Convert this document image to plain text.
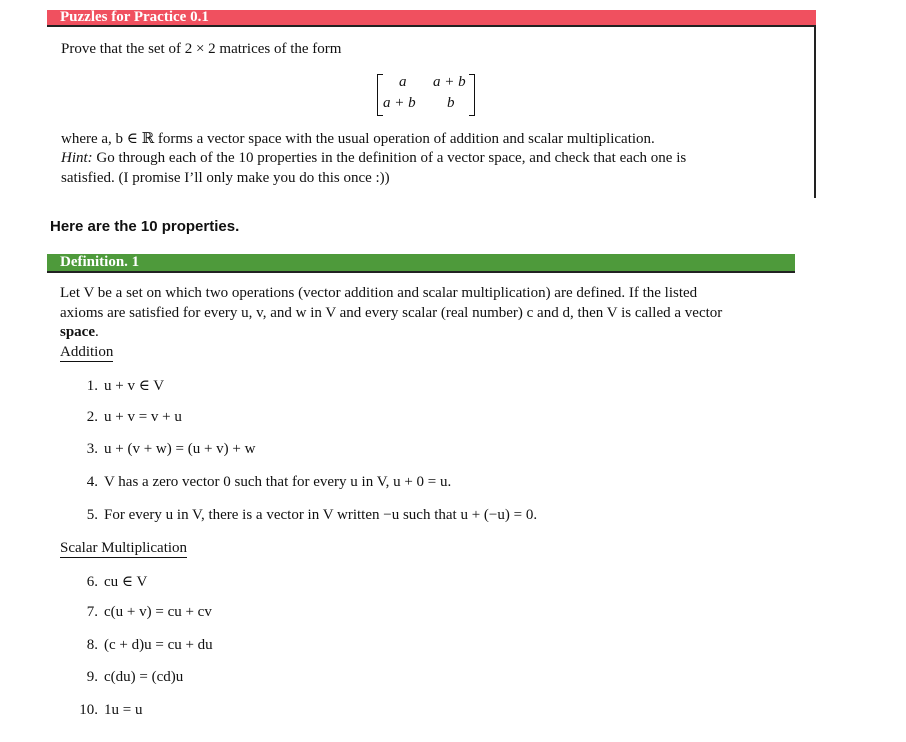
Puzzles for Practice 0.1
Prove that the set of 2 × 2 matrices of the form
a a + b
a + b b
where a, b ∈ ℝ forms a vector space with the usual operation of addition and scalar multiplication.
Hint: Go through each of the 10 properties in the definition of a vector space, and check that each one is
satisfied. (I promise I’ll only make you do this once :))
Here are the 10 properties.
Definition. 1
Let V be a set on which two operations (vector addition and scalar multiplication) are defined. If the listed
axioms are satisfied for every u, v, and w in V and every scalar (real number) c and d, then V is called a vector
space.
Addition
1. u + v ∈ V
2. u + v = v + u
3. u + (v + w) = (u + v) + w
4. V has a zero vector 0 such that for every u in V, u + 0 = u.
5. For every u in V, there is a vector in V written −u such that u + (−u) = 0.
Scalar Multiplication
6. cu ∈ V
7. c(u + v) = cu + cv
8. (c + d)u = cu + du
9. c(du) = (cd)u
10. 1u = u
